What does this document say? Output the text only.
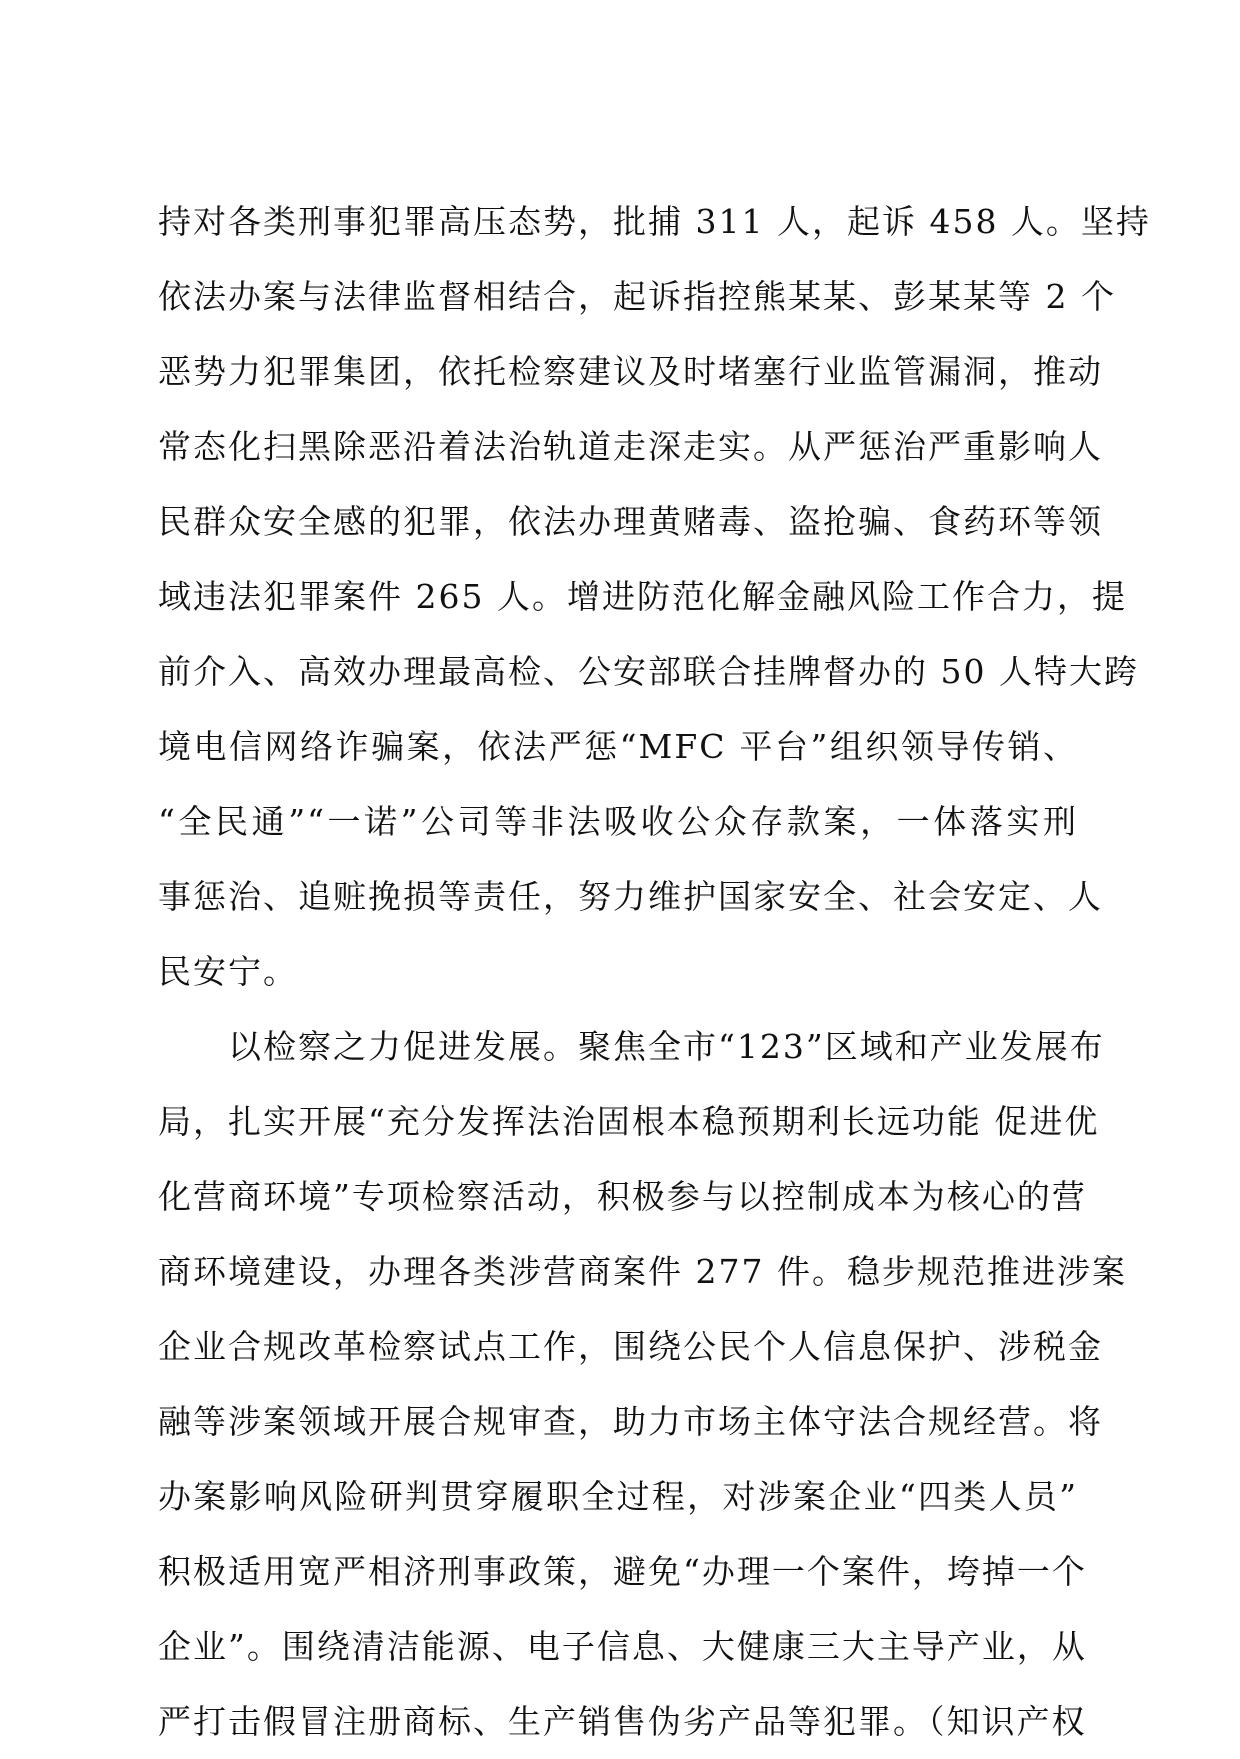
持对各类刑事犯罪高压态势，批捕 311 人，起诉 458 人。坚持
依法办案与法律监督相结合，起诉指控熊某某、彭某某等 2 个
恶势力犯罪集团，依托检察建议及时堵塞行业监管漏洞，推动
常态化扫黑除恶沿着法治轨道走深走实。从严惩治严重影响人
民群众安全感的犯罪，依法办理黄赌毒、盗抢骗、食药环等领
域违法犯罪案件 265 人。增进防范化解金融风险工作合力，提
前介入、高效办理最高检、公安部联合挂牌督办的 50 人特大跨
境电信网络诈骗案，依法严惩“MFC 平台”组织领导传销、
“全民通”“一诺”公司等非法吸收公众存款案，一体落实刑
事惩治、追赃挽损等责任，努力维护国家安全、社会安定、人
民安宁。
以检察之力促进发展。聚焦全市“123”区域和产业发展布
局，扎实开展“充分发挥法治固根本稳预期利长远功能 促进优
化营商环境”专项检察活动，积极参与以控制成本为核心的营
商环境建设，办理各类涉营商案件 277 件。稳步规范推进涉案
企业合规改革检察试点工作，围绕公民个人信息保护、涉税金
融等涉案领域开展合规审查，助力市场主体守法合规经营。将
办案影响风险研判贯穿履职全过程，对涉案企业“四类人员”
积极适用宽严相济刑事政策，避免“办理一个案件，垮掉一个
企业”。围绕清洁能源、电子信息、大健康三大主导产业，从
严打击假冒注册商标、生产销售伪劣产品等犯罪。（知识产权
